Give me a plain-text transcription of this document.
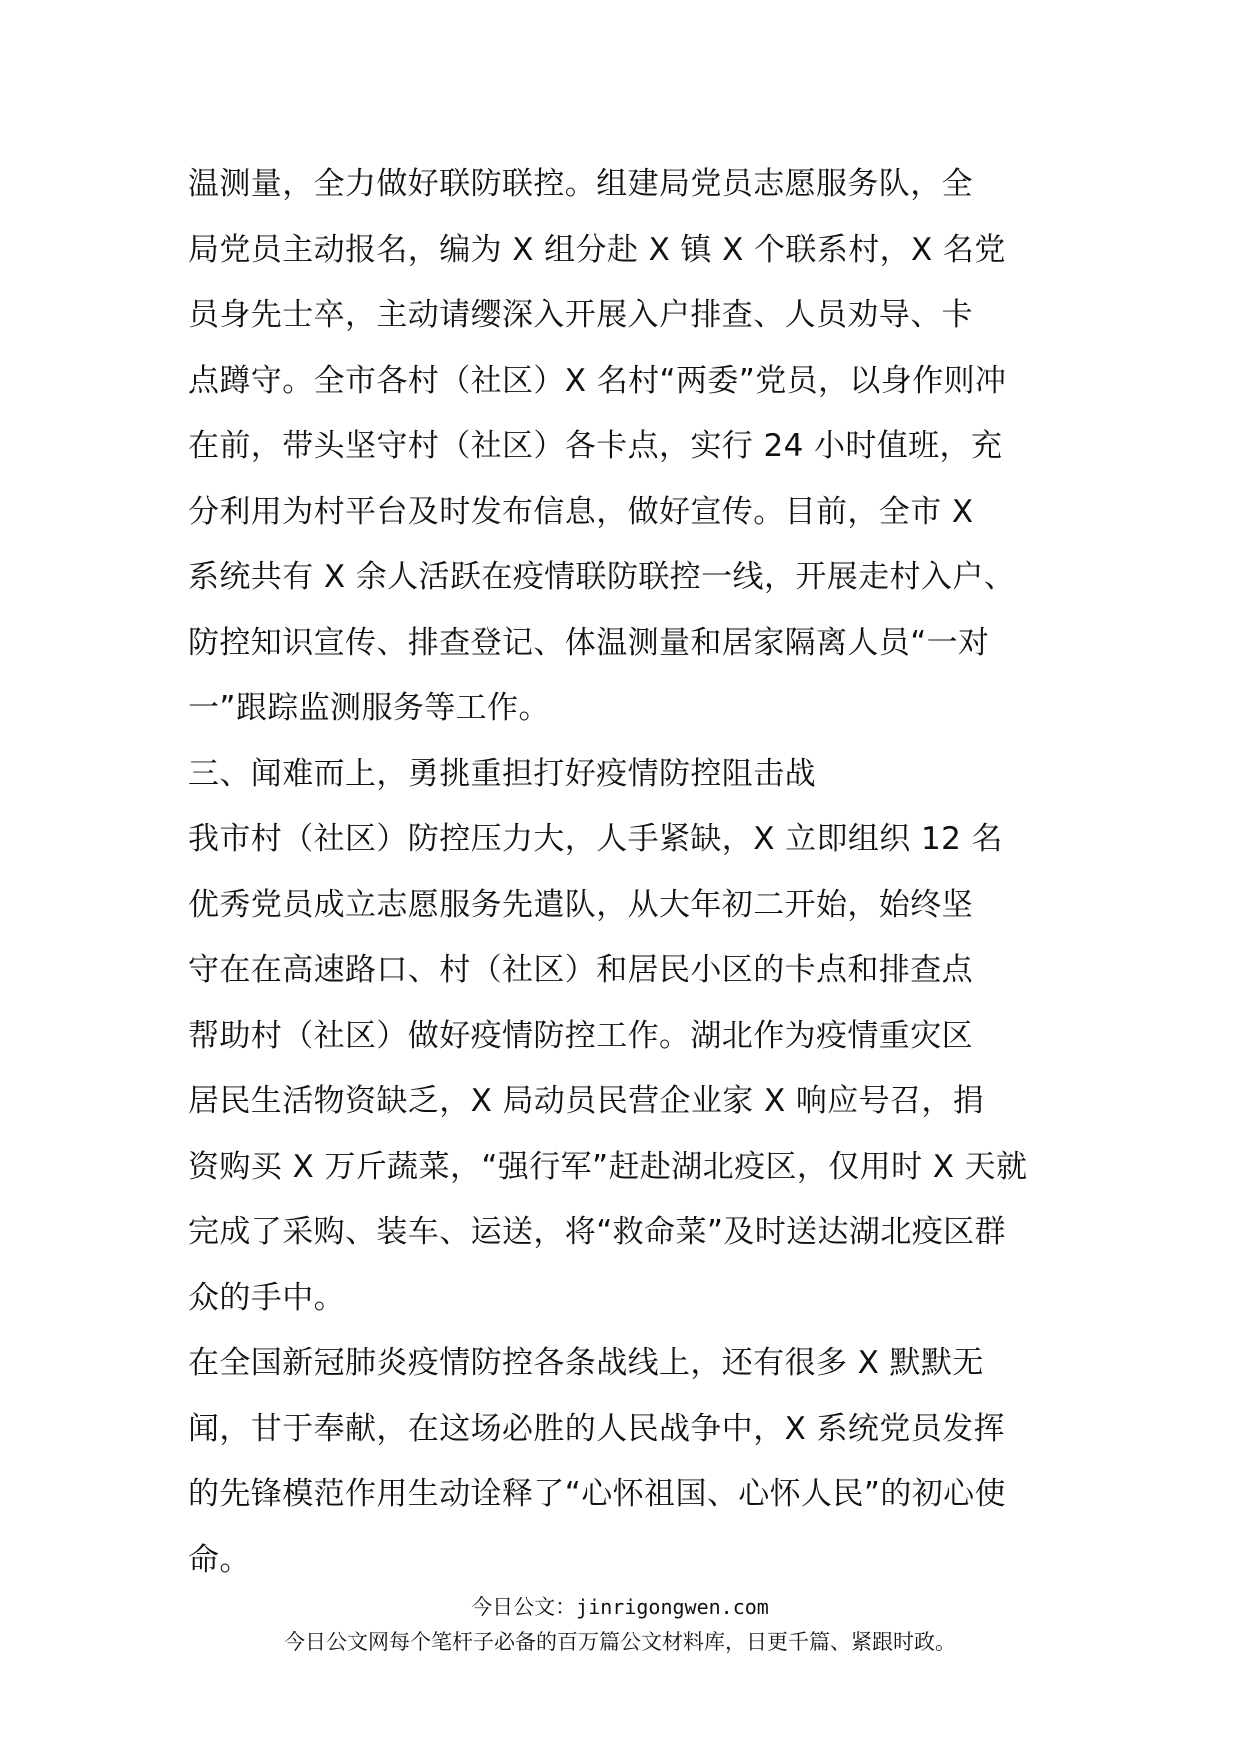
温测量，全力做好联防联控。组建局党员志愿服务队，全
局党员主动报名，编为 X 组分赴 X 镇 X 个联系村，X 名党
员身先士卒，主动请缨深入开展入户排查、人员劝导、卡
点蹲守。全市各村（社区）X 名村“两委”党员，以身作则冲
在前，带头坚守村（社区）各卡点，实行 24 小时值班，充
分利用为村平台及时发布信息，做好宣传。目前，全市 X
系统共有 X 余人活跃在疫情联防联控一线，开展走村入户、
防控知识宣传、排查登记、体温测量和居家隔离人员“一对
一”跟踪监测服务等工作。
三、闻难而上，勇挑重担打好疫情防控阻击战
我市村（社区）防控压力大，人手紧缺，X 立即组织 12 名
优秀党员成立志愿服务先遣队，从大年初二开始，始终坚
守在在高速路口、村（社区）和居民小区的卡点和排查点
帮助村（社区）做好疫情防控工作。湖北作为疫情重灾区
居民生活物资缺乏，X 局动员民营企业家 X 响应号召，捐
资购买 X 万斤蔬菜，“强行军”赶赴湖北疫区，仅用时 X 天就
完成了采购、装车、运送，将“救命菜”及时送达湖北疫区群
众的手中。
在全国新冠肺炎疫情防控各条战线上，还有很多 X 默默无
闻，甘于奉献，在这场必胜的人民战争中，X 系统党员发挥
的先锋模范作用生动诠释了“心怀祖国、心怀人民”的初心使
命。
今日公文：jinrigongwen.com
今日公文网每个笔杆子必备的百万篇公文材料库，日更千篇、紧跟时政。
